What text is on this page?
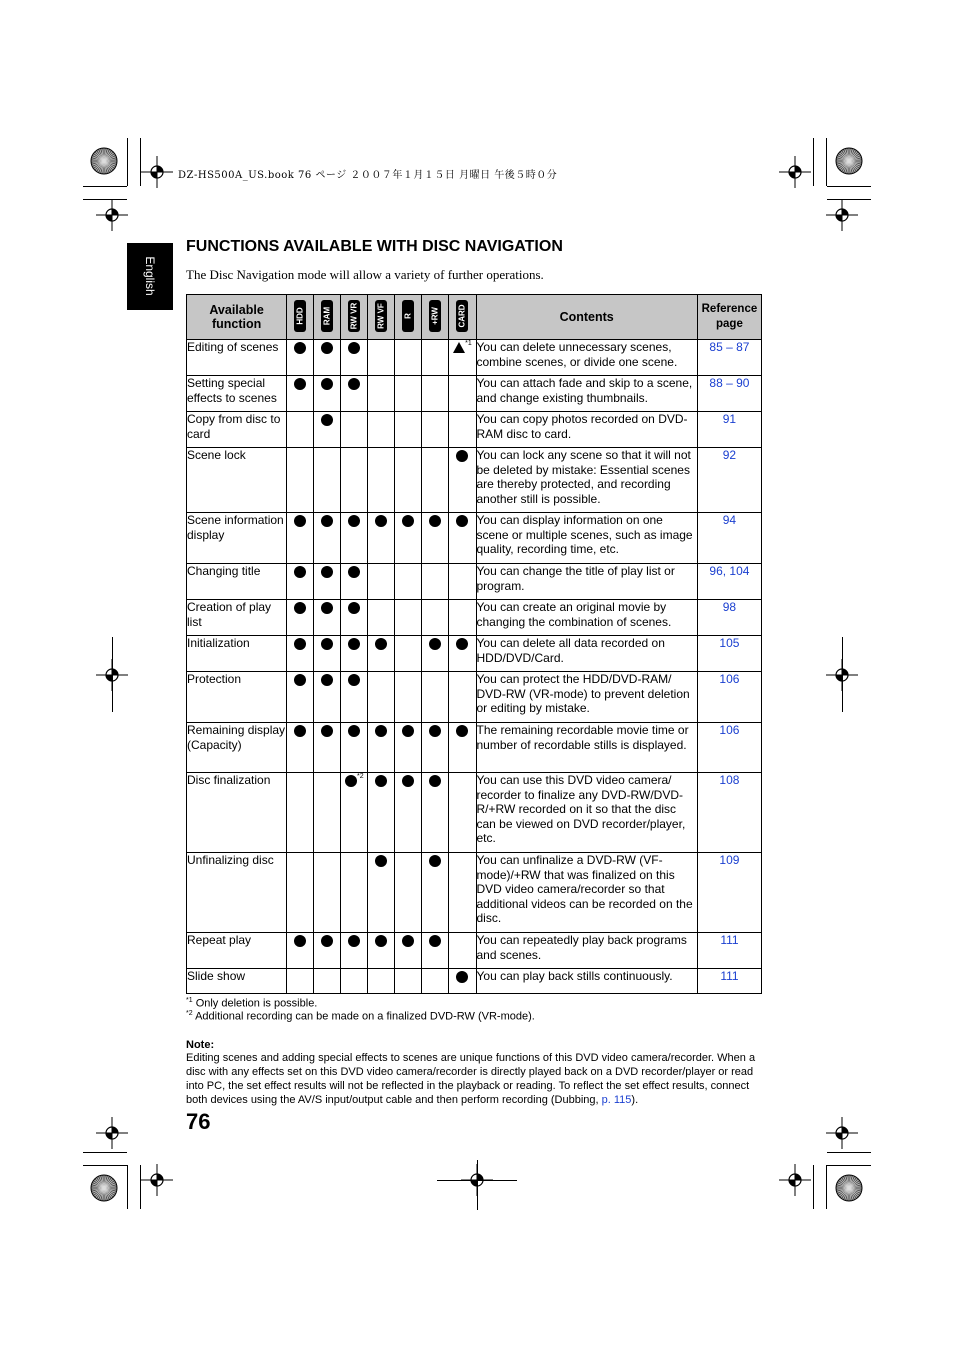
DZ-HS500A_US.book 76 ページ ２００７年１月１５日 月曜日 午後５時０分
English
FUNCTIONS AVAILABLE WITH DISC NAVIGATION
The Disc Navigation mode will allow a variety of further operations.
Available function	HDD	RAM	RW VR	RW VF	R	+RW	CARD	Contents	Reference page
Editing of scenes							$^{*1}$	You can delete unnecessary scenes, combine scenes, or divide one scene.	85 – 87
Setting special effects to scenes								You can attach fade and skip to a scene, and change existing thumbnails.	88 – 90
Copy from disc to card								You can copy photos recorded on DVD-RAM disc to card.	91
Scene lock								You can lock any scene so that it will not be deleted by mistake: Essential scenes are thereby protected, and recording another still is possible.	92
Scene information display								You can display information on one scene or multiple scenes, such as image quality, recording time, etc.	94
Changing title								You can change the title of play list or program.	96, 104
Creation of play list								You can create an original movie by changing the combination of scenes.	98
Initialization								You can delete all data recorded on HDD/DVD/Card.	105
Protection								You can protect the HDD/DVD-RAM/ DVD-RW (VR-mode) to prevent deletion or editing by mistake.	106
Remaining display (Capacity)								The remaining recordable movie time or number of recordable stills is displayed.	106
Disc finalization			$^{*2}$					You can use this DVD video camera/ recorder to finalize any DVD-RW/DVD-R/+RW recorded on it so that the disc can be viewed on DVD recorder/player, etc.	108
Unfinalizing disc								You can unfinalize a DVD-RW (VF-mode)/+RW that was finalized on this DVD video camera/recorder so that additional videos can be recorded on the disc.	109
Repeat play								You can repeatedly play back programs and scenes.	111
Slide show								You can play back stills continuously.	111
$^{*1}$ Only deletion is possible.
$^{*2}$ Additional recording can be made on a finalized DVD-RW (VR-mode).
Note:
Editing scenes and adding special effects to scenes are unique functions of this DVD video camera/recorder. When a disc with any effects set on this DVD video camera/recorder is directly played back on a DVD recorder/player or read into PC, the set effect results will not be reflected in the playback or reading. To reflect the set effect results, connect both devices using the AV/S input/output cable and then perform recording (Dubbing, p. 115).
76
